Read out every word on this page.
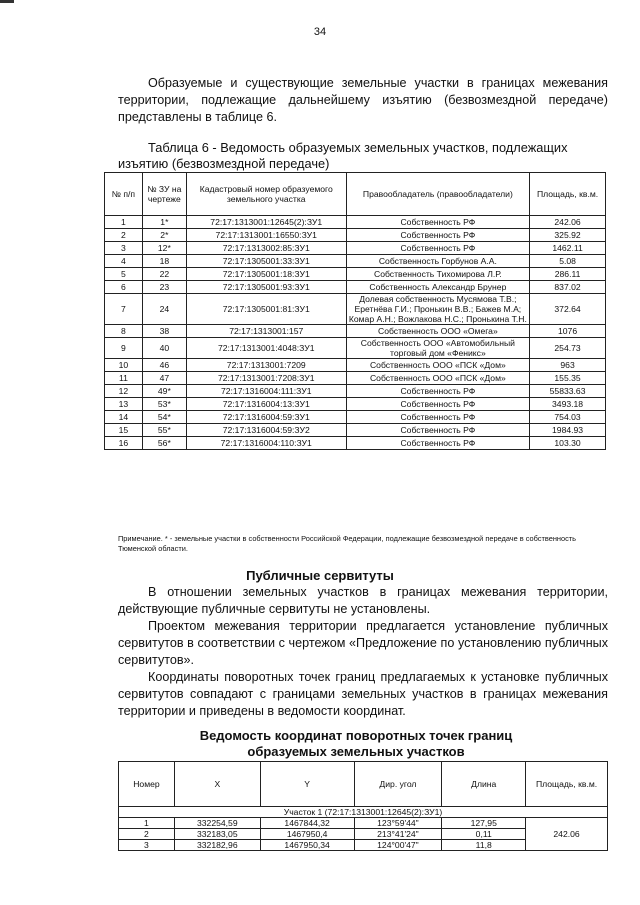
34
Образуемые и существующие земельные участки в границах межевания территории, подлежащие дальнейшему изъятию (безвозмездной передаче) представлены в таблице 6.
Таблица 6 - Ведомость образуемых земельных участков, подлежащих изъятию (безвозмездной передаче)
№ п/п	№ ЗУ на чертеже	Кадастровый номер образуемого земельного участка	Правообладатель (правообладатели)	Площадь, кв.м.
1	1*	72:17:1313001:12645(2):ЗУ1	Собственность РФ	242.06
2	2*	72:17:1313001:16550:ЗУ1	Собственность РФ	325.92
3	12*	72:17:1313002:85:ЗУ1	Собственность РФ	1462.11
4	18	72:17:1305001:33:ЗУ1	Собственность Горбунов А.А.	5.08
5	22	72:17:1305001:18:ЗУ1	Собственность Тихомирова Л.Р.	286.11
6	23	72:17:1305001:93:ЗУ1	Собственность Александр Брунер	837.02
7	24	72:17:1305001:81:ЗУ1	Долевая собственность Мусямова Т.В.; Еретнёва Г.И.; Пронькин В.В.; Бажев М.А; Комар А.Н.; Вожлакова Н.С.; Пронькина Т.Н.	372.64
8	38	72:17:1313001:157	Собственность ООО «Омега»	1076
9	40	72:17:1313001:4048:ЗУ1	Собственность ООО «Автомобильный торговый дом «Феникс»	254.73
10	46	72:17:1313001:7209	Собственность ООО «ПСК «Дом»	963
11	47	72:17:1313001:7208:ЗУ1	Собственность ООО «ПСК «Дом»	155.35
12	49*	72:17:1316004:111:ЗУ1	Собственность РФ	55833.63
13	53*	72:17:1316004:13:ЗУ1	Собственность РФ	3493.18
14	54*	72:17:1316004:59:ЗУ1	Собственность РФ	754.03
15	55*	72:17:1316004:59:ЗУ2	Собственность РФ	1984.93
16	56*	72:17:1316004:110:ЗУ1	Собственность РФ	103.30
Примечание. * - земельные участки в собственности Российской Федерации, подлежащие безвозмездной передаче в собственность Тюменской области.
Публичные сервитуты
В отношении земельных участков в границах межевания территории, действующие публичные сервитуты не установлены.
Проектом межевания территории предлагается установление публичных сервитутов в соответствии с чертежом «Предложение по установлению публичных сервитутов».
Координаты поворотных точек границ предлагаемых к установке публичных сервитутов совпадают с границами земельных участков в границах межевания территории и приведены в ведомости координат.
Ведомость координат поворотных точек границ
образуемых земельных участков
Номер	X	Y	Дир. угол	Длина	Площадь, кв.м.
Участок 1 (72:17:1313001:12645(2):ЗУ1)					
1	332254,59	1467844,32	123°59'44"	127,95	242.06
2	332183,05	1467950,4	213°41'24"	0,11	
3	332182,96	1467950,34	124°00'47"	11,8	
